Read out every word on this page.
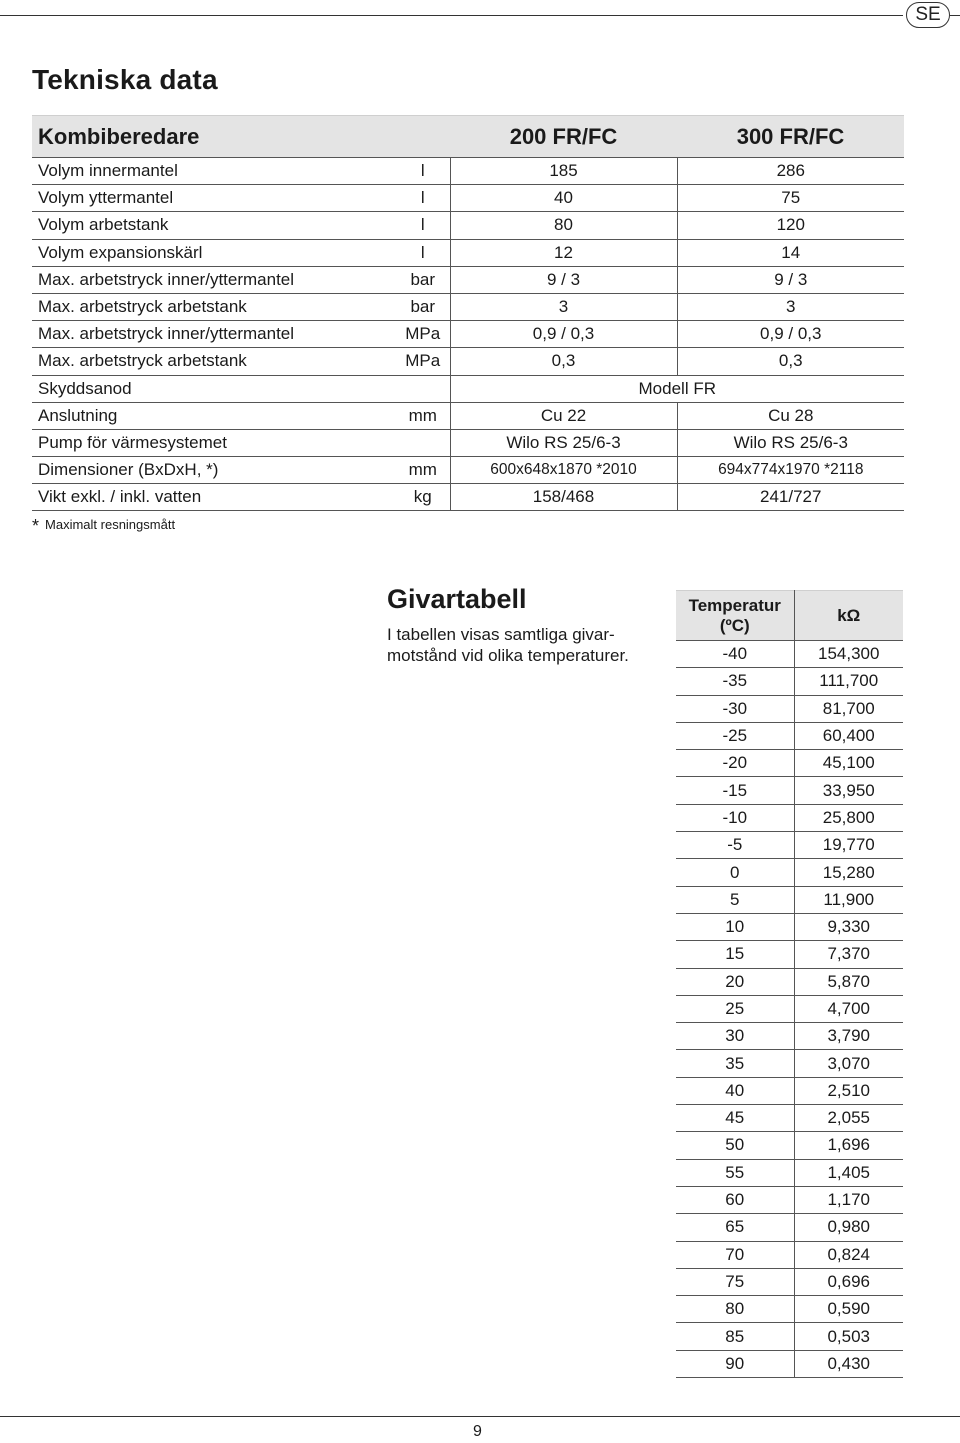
SE
Tekniska data
Kombiberedare		200 FR/FC	300 FR/FC
Volym innermantel	l	185	286
Volym yttermantel	l	40	75
Volym arbetstank	l	80	120
Volym expansionskärl	l	12	14
Max. arbetstryck inner/yttermantel	bar	9 / 3	9 / 3
Max. arbetstryck arbetstank	bar	3	3
Max. arbetstryck inner/yttermantel	MPa	0,9 / 0,3	0,9 / 0,3
Max. arbetstryck arbetstank	MPa	0,3	0,3
Skyddsanod		Modell FR	
Anslutning	mm	Cu 22	Cu 28
Pump för värmesystemet		Wilo RS 25/6-3	Wilo RS 25/6-3
Dimensioner (BxDxH, *)	mm	600x648x1870 *2010	694x774x1970 *2118
Vikt exkl. / inkl. vatten	kg	158/468	241/727
* Maximalt resningsmått
Givartabell

I tabellen visas samtliga givar-motstånd vid olika temperaturer.

Temperatur
(ºC)	kΩ
-40	154,300
-35	111,700
-30	81,700
-25	60,400
-20	45,100
-15	33,950
-10	25,800
-5	19,770
0	15,280
5	11,900
10	9,330
15	7,370
20	5,870
25	4,700
30	3,790
35	3,070
40	2,510
45	2,055
50	1,696
55	1,405
60	1,170
65	0,980
70	0,824
75	0,696
80	0,590
85	0,503
90	0,430
9
